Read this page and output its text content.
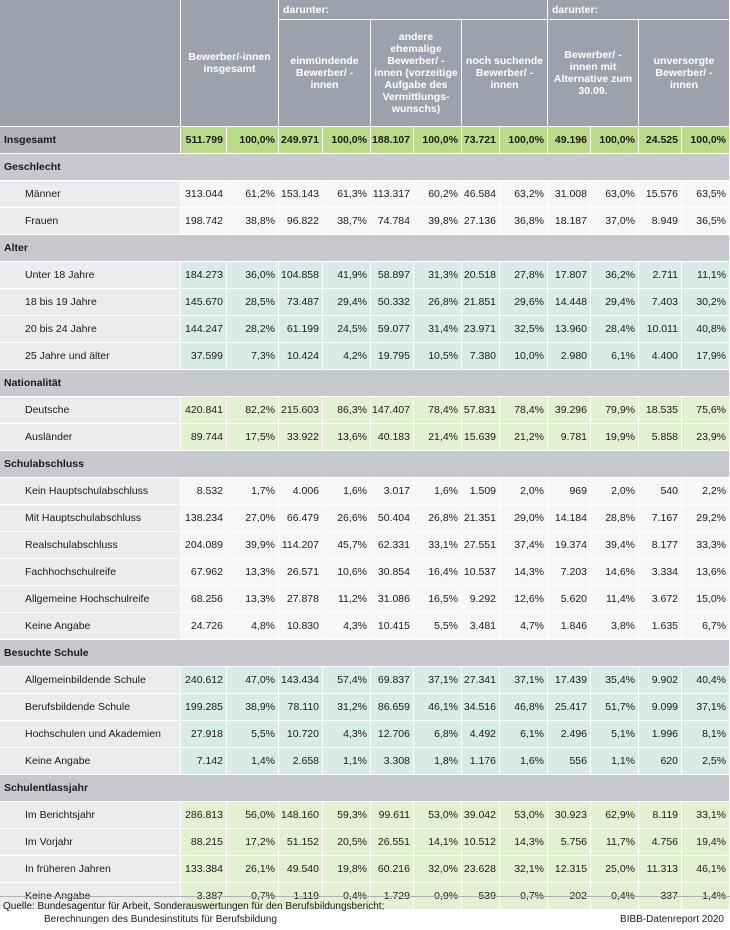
	Bewerber/-innen insgesamt		darunter:						darunter:			
			einmündende Bewerber/ -innen		andere ehemalige Bewerber/ -innen (vorzeitige Aufgabe des Vermittlungs-wunschs)		noch suchende Bewerber/ -innen		Bewerber/ -innen mit Alternative zum 30.09.		unversorgte Bewerber/ -innen	
Insgesamt	511.799	100,0%	249.971	100,0%	188.107	100,0%	73.721	100,0%	49.196	100,0%	24.525	100,0%
Geschlecht												
Männer	313.044	61,2%	153.143	61,3%	113.317	60,2%	46.584	63,2%	31.008	63,0%	15.576	63,5%
Frauen	198.742	38,8%	96.822	38,7%	74.784	39,8%	27.136	36,8%	18.187	37,0%	8.949	36,5%
Alter												
Unter 18 Jahre	184.273	36,0%	104.858	41,9%	58.897	31,3%	20.518	27,8%	17.807	36,2%	2.711	11,1%
18 bis 19 Jahre	145.670	28,5%	73.487	29,4%	50.332	26,8%	21.851	29,6%	14.448	29,4%	7.403	30,2%
20 bis 24 Jahre	144.247	28,2%	61.199	24,5%	59.077	31,4%	23.971	32,5%	13.960	28,4%	10.011	40,8%
25 Jahre und älter	37.599	7,3%	10.424	4,2%	19.795	10,5%	7.380	10,0%	2.980	6,1%	4.400	17,9%
Nationalität												
Deutsche	420.841	82,2%	215.603	86,3%	147.407	78,4%	57.831	78,4%	39.296	79,9%	18.535	75,6%
Ausländer	89.744	17,5%	33.922	13,6%	40.183	21,4%	15.639	21,2%	9.781	19,9%	5.858	23,9%
Schulabschluss												
Kein Hauptschulabschluss	8.532	1,7%	4.006	1,6%	3.017	1,6%	1.509	2,0%	969	2,0%	540	2,2%
Mit Hauptschulabschluss	138.234	27,0%	66.479	26,6%	50.404	26,8%	21.351	29,0%	14.184	28,8%	7.167	29,2%
Realschulabschluss	204.089	39,9%	114.207	45,7%	62.331	33,1%	27.551	37,4%	19.374	39,4%	8.177	33,3%
Fachhochschulreife	67.962	13,3%	26.571	10,6%	30.854	16,4%	10.537	14,3%	7.203	14,6%	3.334	13,6%
Allgemeine Hochschulreife	68.256	13,3%	27.878	11,2%	31.086	16,5%	9.292	12,6%	5.620	11,4%	3.672	15,0%
Keine Angabe	24.726	4,8%	10.830	4,3%	10.415	5,5%	3.481	4,7%	1.846	3,8%	1.635	6,7%
Besuchte Schule												
Allgemeinbildende Schule	240.612	47,0%	143.434	57,4%	69.837	37,1%	27.341	37,1%	17.439	35,4%	9.902	40,4%
Berufsbildende Schule	199.285	38,9%	78.110	31,2%	86.659	46,1%	34.516	46,8%	25.417	51,7%	9.099	37,1%
Hochschulen und Akademien	27.918	5,5%	10.720	4,3%	12.706	6,8%	4.492	6,1%	2.496	5,1%	1.996	8,1%
Keine Angabe	7.142	1,4%	2.658	1,1%	3.308	1,8%	1.176	1,6%	556	1,1%	620	2,5%
Schulentlassjahr												
Im Berichtsjahr	286.813	56,0%	148.160	59,3%	99.611	53,0%	39.042	53,0%	30.923	62,9%	8.119	33,1%
Im Vorjahr	88.215	17,2%	51.152	20,5%	26.551	14,1%	10.512	14,3%	5.756	11,7%	4.756	19,4%
In früheren Jahren	133.384	26,1%	49.540	19,8%	60.216	32,0%	23.628	32,1%	12.315	25,0%	11.313	46,1%
Keine Angabe	3.387	0,7%	1.119	0,4%	1.729	0,9%	539	0,7%	202	0,4%	337	1,4%
Quelle: Bundesagentur für Arbeit, Sonderauswertungen für den Berufsbildungsbericht;
Berechnungen des Bundesinstituts für Berufsbildung	BIBB-Datenreport 2020
